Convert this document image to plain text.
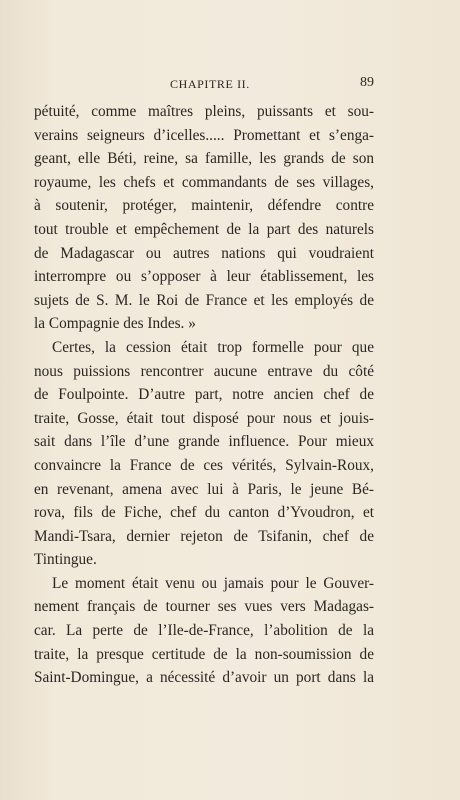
CHAPITRE II.	89
pétuité, comme maîtres pleins, puissants et sou-
verains seigneurs d’icelles..... Promettant et s’enga-
geant, elle Béti, reine, sa famille, les grands de son
royaume, les chefs et commandants de ses villages,
à soutenir, protéger, maintenir, défendre contre
tout trouble et empêchement de la part des naturels
de Madagascar ou autres nations qui voudraient
interrompre ou s’opposer à leur établissement, les
sujets de S. M. le Roi de France et les employés de
la Compagnie des Indes. »
Certes, la cession était trop formelle pour que
nous puissions rencontrer aucune entrave du côté
de Foulpointe. D’autre part, notre ancien chef de
traite, Gosse, était tout disposé pour nous et jouis-
sait dans l’île d’une grande influence. Pour mieux
convaincre la France de ces vérités, Sylvain-Roux,
en revenant, amena avec lui à Paris, le jeune Bé-
rova, fils de Fiche, chef du canton d’Yvoudron, et
Mandi-Tsara, dernier rejeton de Tsifanin, chef de
Tintingue.
Le moment était venu ou jamais pour le Gouver-
nement français de tourner ses vues vers Madagas-
car. La perte de l’Ile-de-France, l’abolition de la
traite, la presque certitude de la non-soumission de
Saint-Domingue, a nécessité d’avoir un port dans la
